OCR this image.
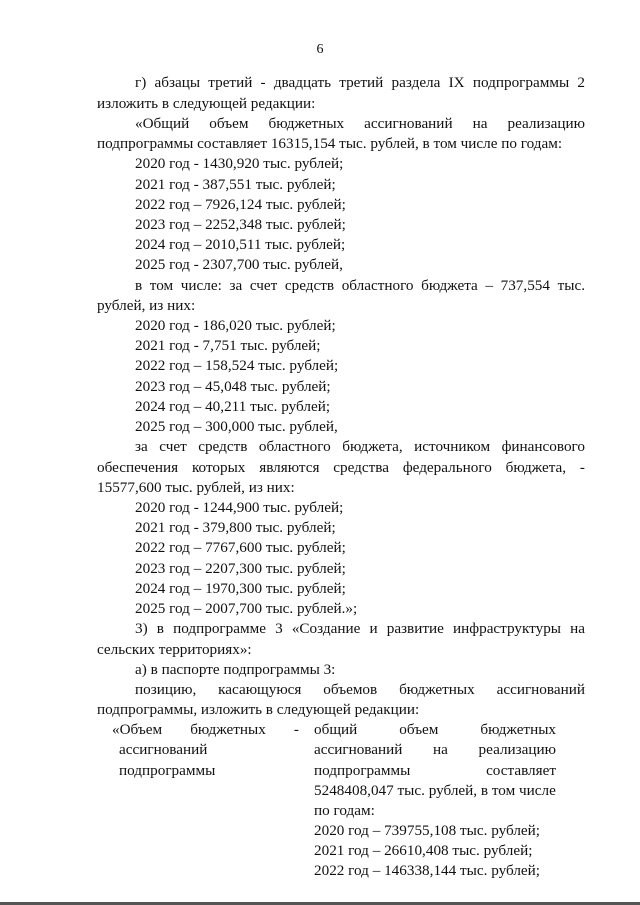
6
г) абзацы третий - двадцать третий раздела IX подпрограммы 2
изложить в следующей редакции:
«Общий объем бюджетных ассигнований на реализацию
подпрограммы составляет 16315,154 тыс. рублей, в том числе по годам:
2020 год - 1430,920 тыс. рублей;
2021 год - 387,551 тыс. рублей;
2022 год – 7926,124 тыс. рублей;
2023 год – 2252,348 тыс. рублей;
2024 год – 2010,511 тыс. рублей;
2025 год - 2307,700 тыс. рублей,
в том числе: за счет средств областного бюджета – 737,554 тыс.
рублей, из них:
2020 год - 186,020 тыс. рублей;
2021 год - 7,751 тыс. рублей;
2022 год – 158,524 тыс. рублей;
2023 год – 45,048 тыс. рублей;
2024 год – 40,211 тыс. рублей;
2025 год – 300,000 тыс. рублей,
за счет средств областного бюджета, источником финансового
обеспечения которых являются средства федерального бюджета, -
15577,600 тыс. рублей, из них:
2020 год - 1244,900 тыс. рублей;
2021 год - 379,800 тыс. рублей;
2022 год – 7767,600 тыс. рублей;
2023 год – 2207,300 тыс. рублей;
2024 год – 1970,300 тыс. рублей;
2025 год – 2007,700 тыс. рублей.»;
3) в подпрограмме 3 «Создание и развитие инфраструктуры на
сельских территориях»:
а) в паспорте подпрограммы 3:
позицию, касающуюся объемов бюджетных ассигнований
подпрограммы, изложить в следующей редакции:
«Объем бюджетных -
ассигнований
подпрограммы
общий объем бюджетных
ассигнований на реализацию
подпрограммы составляет
5248408,047 тыс. рублей, в том числе
по годам:
2020 год – 739755,108 тыс. рублей;
2021 год – 26610,408 тыс. рублей;
2022 год – 146338,144 тыс. рублей;
